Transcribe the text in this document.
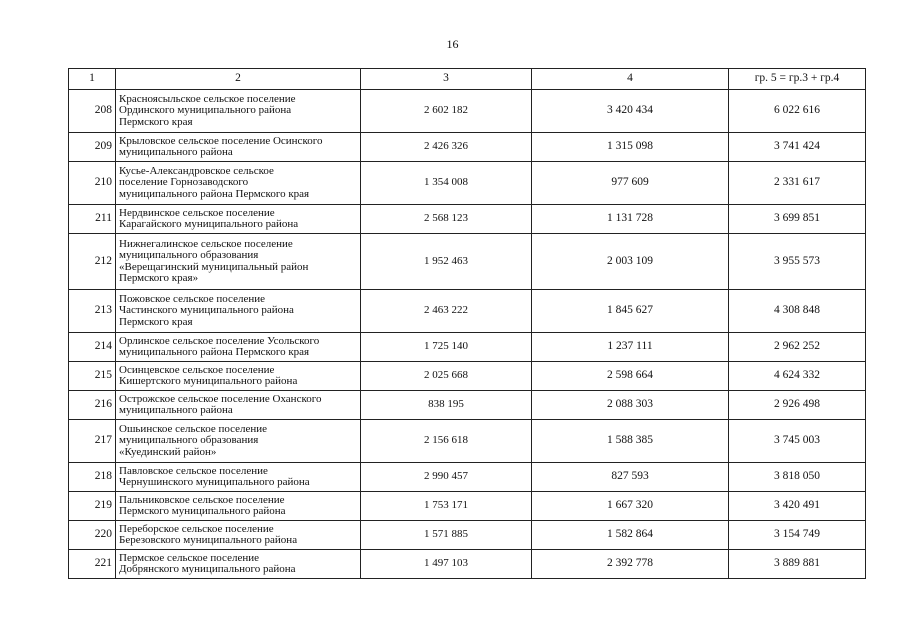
16
1	2	3	4	гр. 5 = гр.3 + гр.4
208	Красноясыльское сельское поселение
Ординского муниципального района
Пермского края	2 602 182	3 420 434	6 022 616
209	Крыловское сельское поселение Осинского
муниципального района	2 426 326	1 315 098	3 741 424
210	Кусье-Александровское сельское
поселение Горнозаводского
муниципального района Пермского края	1 354 008	977 609	2 331 617
211	Нердвинское сельское поселение
Карагайского муниципального района	2 568 123	1 131 728	3 699 851
212	Нижнегалинское сельское поселение
муниципального образования
«Верещагинский муниципальный район
Пермского края»	1 952 463	2 003 109	3 955 573
213	Пожовское сельское поселение
Частинского муниципального района
Пермского края	2 463 222	1 845 627	4 308 848
214	Орлинское сельское поселение Усольского
муниципального района Пермского края	1 725 140	1 237 111	2 962 252
215	Осинцевское сельское поселение
Кишертского муниципального района	2 025 668	2 598 664	4 624 332
216	Острожское сельское поселение Оханского
муниципального района	838 195	2 088 303	2 926 498
217	Ошьинское сельское поселение
муниципального образования
«Куединский район»	2 156 618	1 588 385	3 745 003
218	Павловское сельское поселение
Чернушинского муниципального района	2 990 457	827 593	3 818 050
219	Пальниковское сельское поселение
Пермского муниципального района	1 753 171	1 667 320	3 420 491
220	Переборское сельское поселение
Березовского муниципального района	1 571 885	1 582 864	3 154 749
221	Пермское сельское поселение
Добрянского муниципального района	1 497 103	2 392 778	3 889 881
